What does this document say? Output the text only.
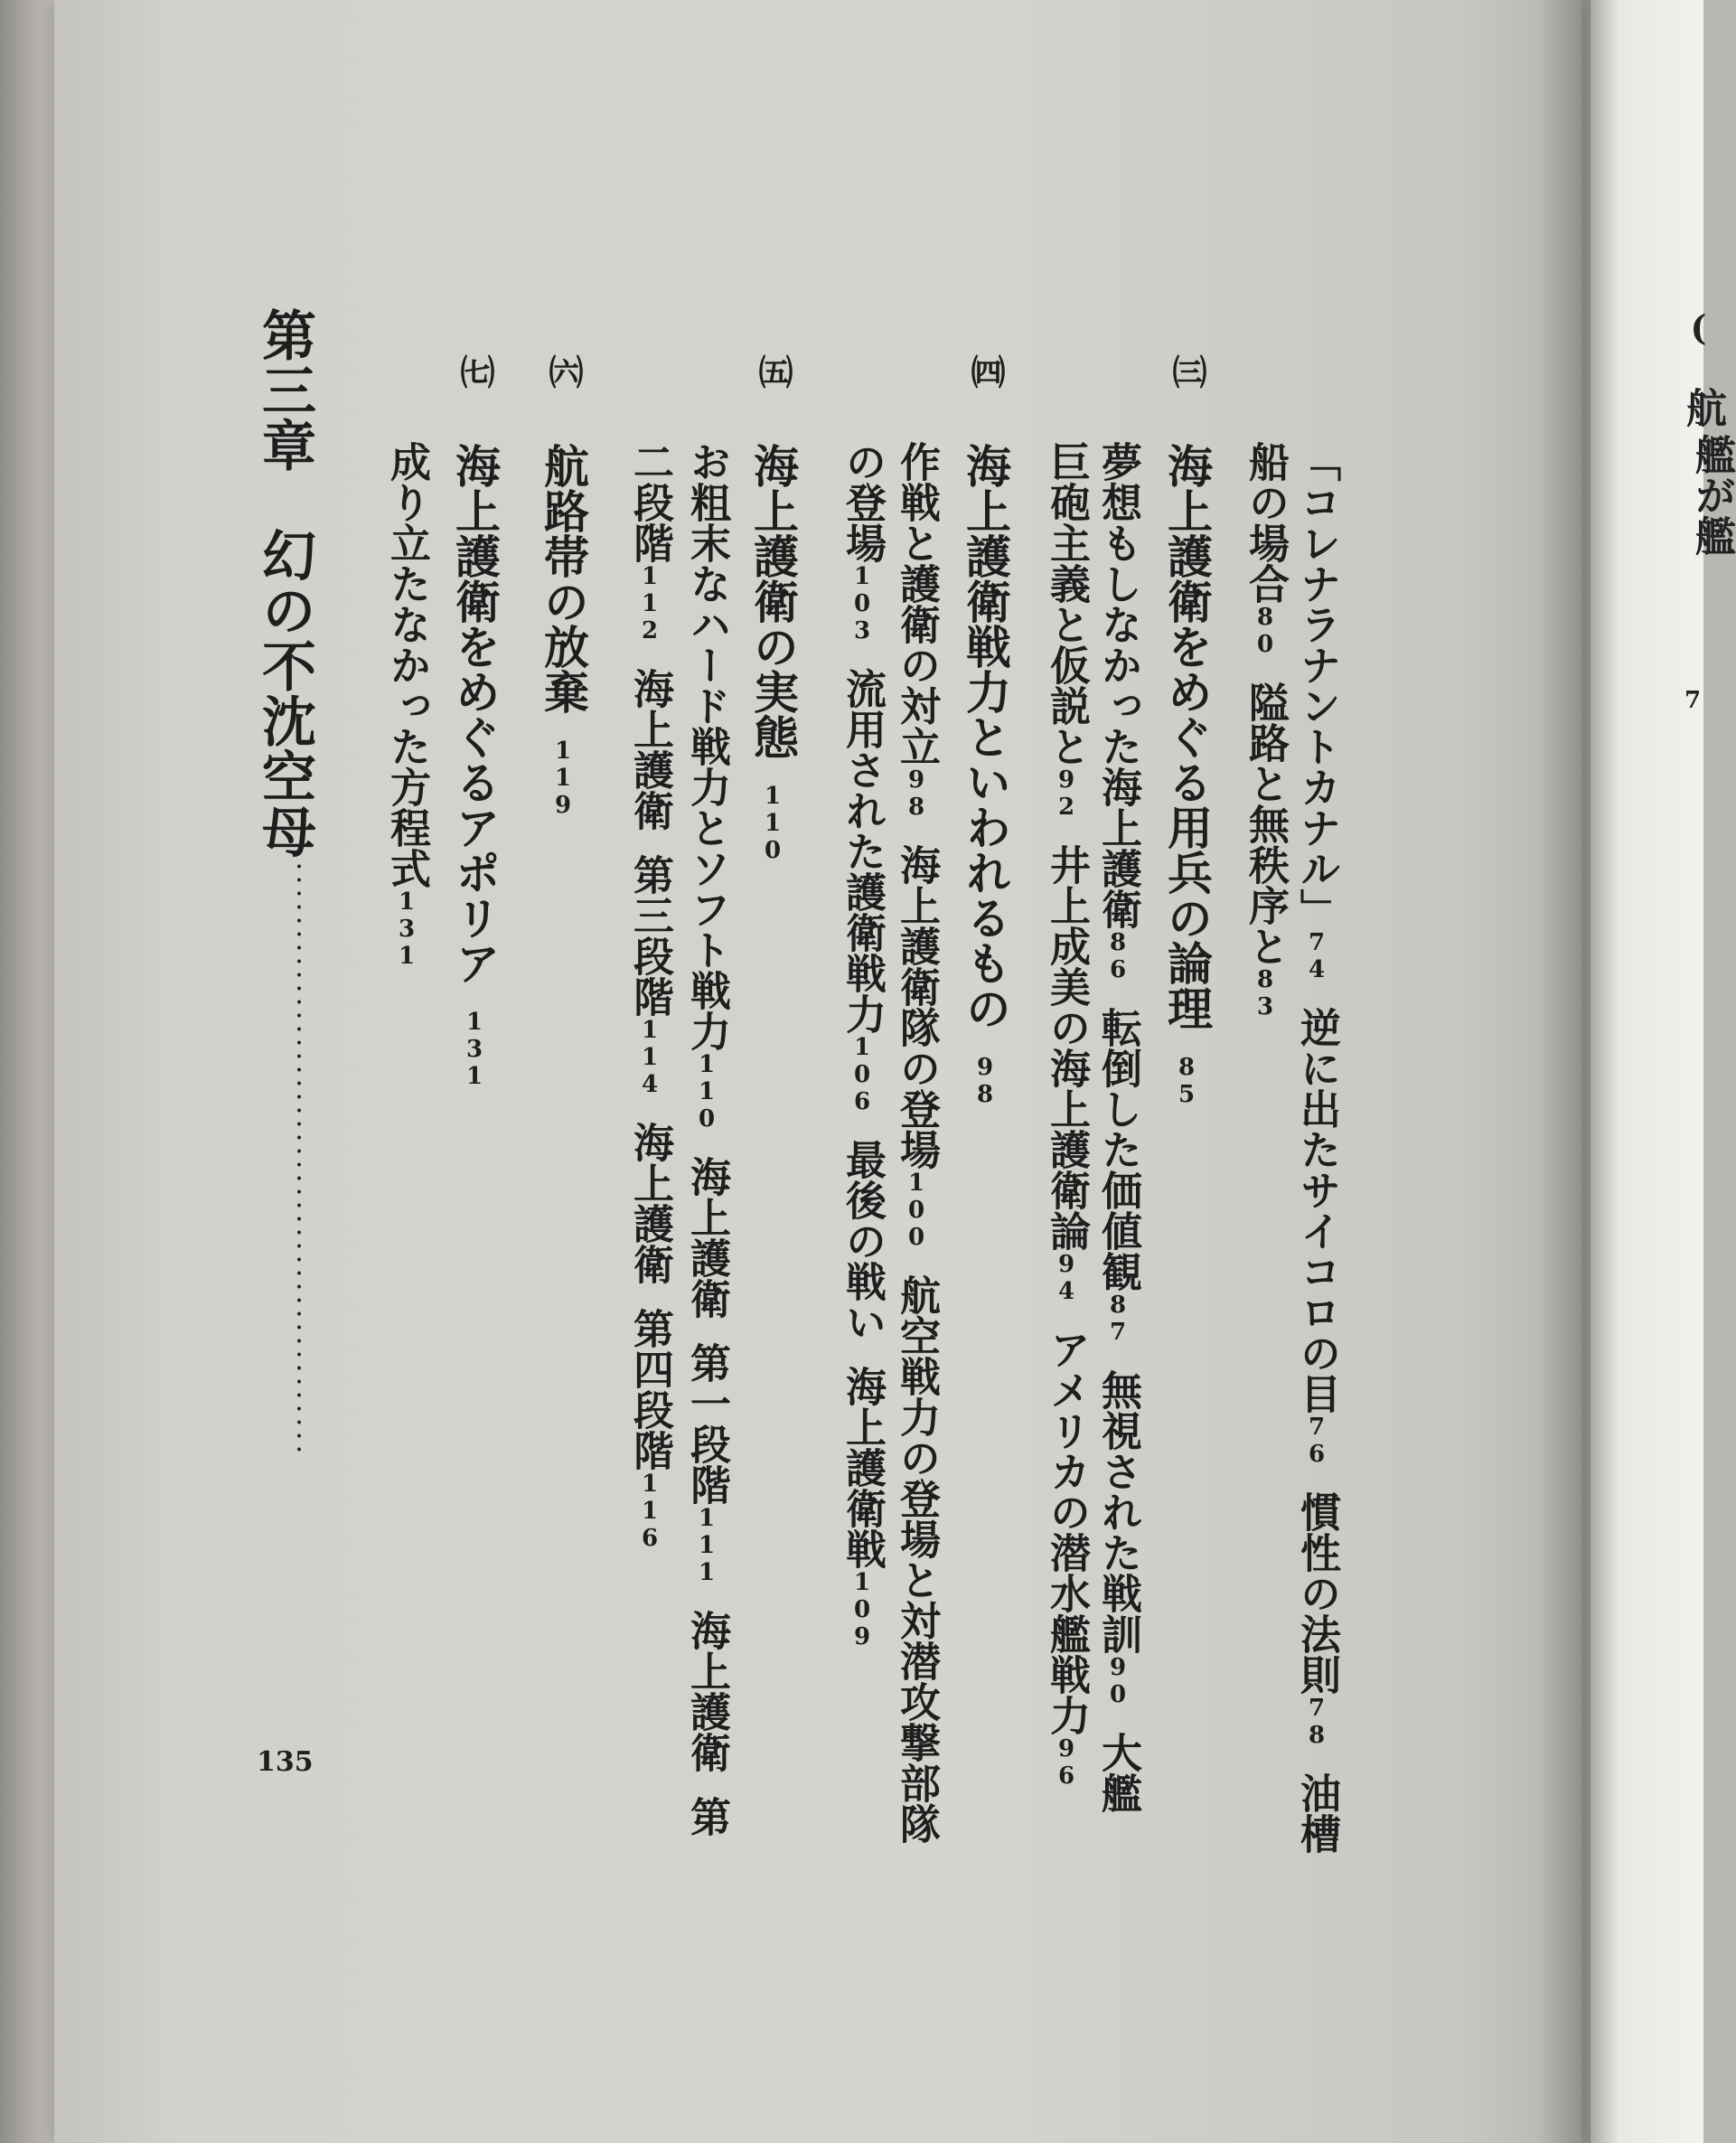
「コレナラナントカナル」74逆に出たサイコロの目76慣性の法則78油槽
船の場合80隘路と無秩序と83
㈢海上護衛をめぐる用兵の論理85
夢想もしなかった海上護衛86転倒した価値観87無視された戦訓90大艦
巨砲主義と仮説と92井上成美の海上護衛論94アメリカの潜水艦戦力96
㈣海上護衛戦力といわれるもの98
作戦と護衛の対立98海上護衛隊の登場100航空戦力の登場と対潜攻撃部隊
の登場103流用された護衛戦力106最後の戦い海上護衛戦109
㈤海上護衛の実態110
お粗末なハード戦力とソフト戦力110海上護衛第一段階111海上護衛第
二段階112海上護衛第三段階114海上護衛第四段階116
㈥航路帯の放棄119
㈦海上護衛をめぐるアポリア131
成り立たなかった方程式131
第三章幻の不沈空母
135
(
航
艦が艦
7
